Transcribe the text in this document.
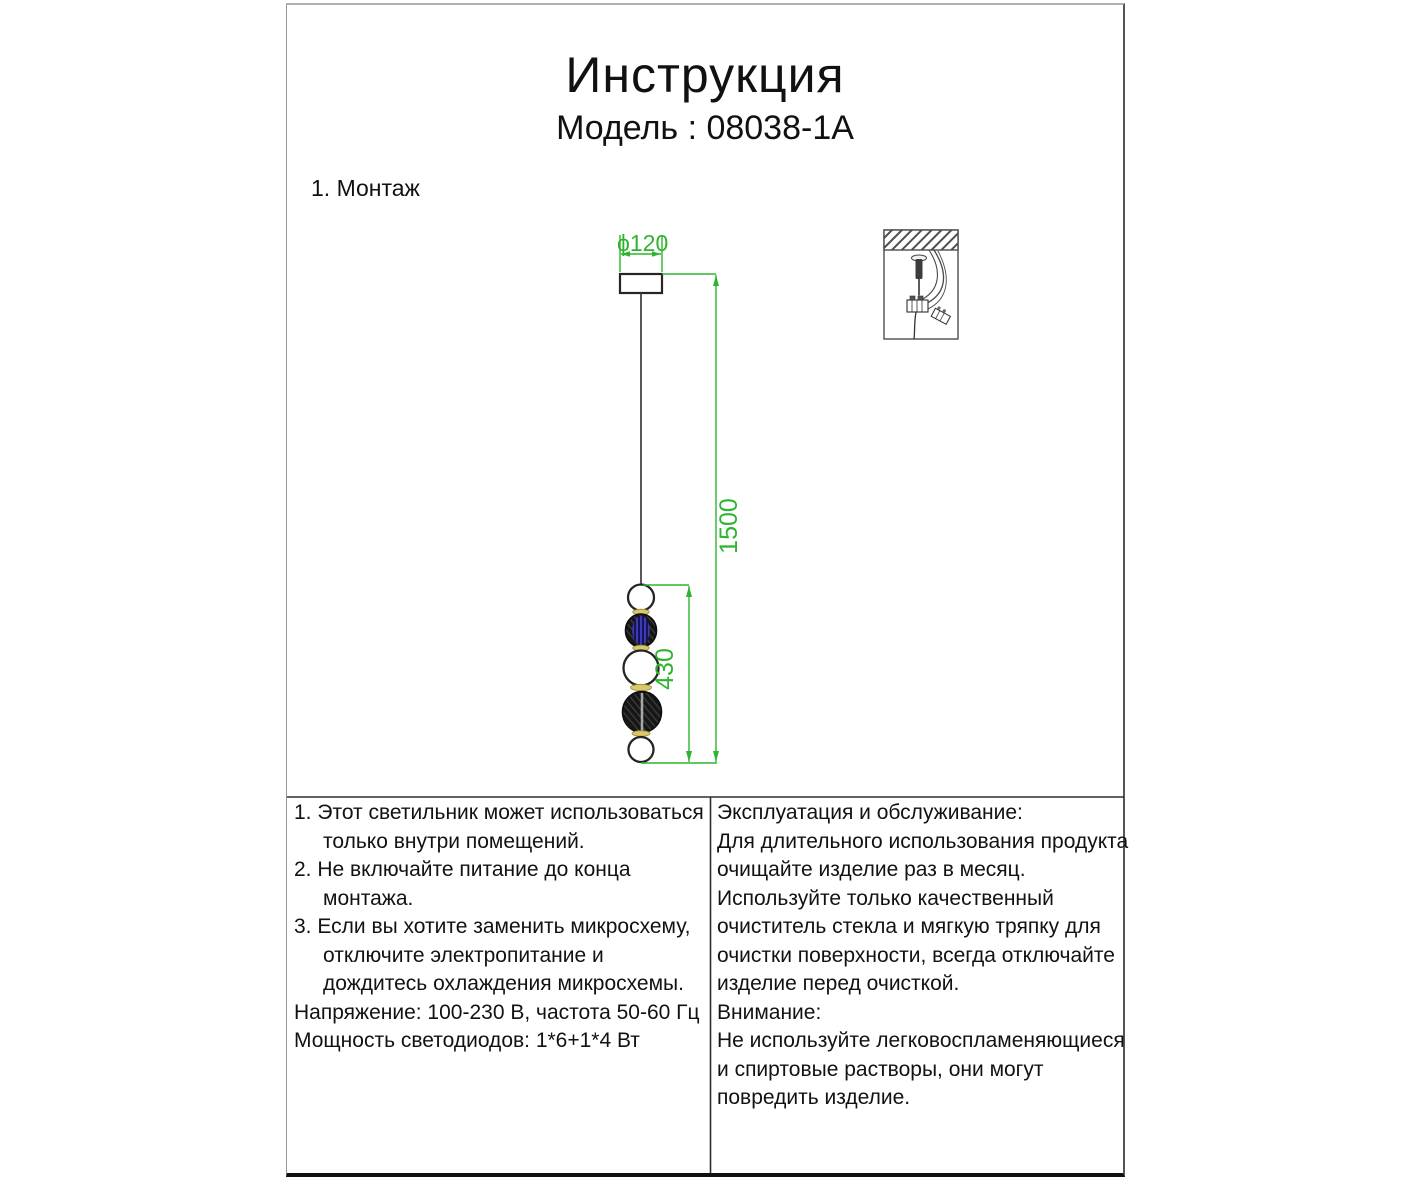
Инструкция
Модель : 08038-1A
1. Монтаж
ϕ120
1500
430
1. Этот светильник может использоваться
только внутри помещений.
2. Не включайте питание до конца
монтажа.
3. Если вы хотите заменить микросхему,
отключите электропитание и
дождитесь охлаждения микросхемы.
Напряжение: 100-230 В, частота 50-60 Гц
Мощность светодиодов: 1*6+1*4 Вт
Эксплуатация и обслуживание:
Для длительного использования продукта
очищайте изделие раз в месяц.
Используйте только качественный
очиститель стекла и мягкую тряпку для
очистки поверхности, всегда отключайте
изделие перед очисткой.
Внимание:
Не используйте легковоспламеняющиеся
и спиртовые растворы, они могут
повредить изделие.
